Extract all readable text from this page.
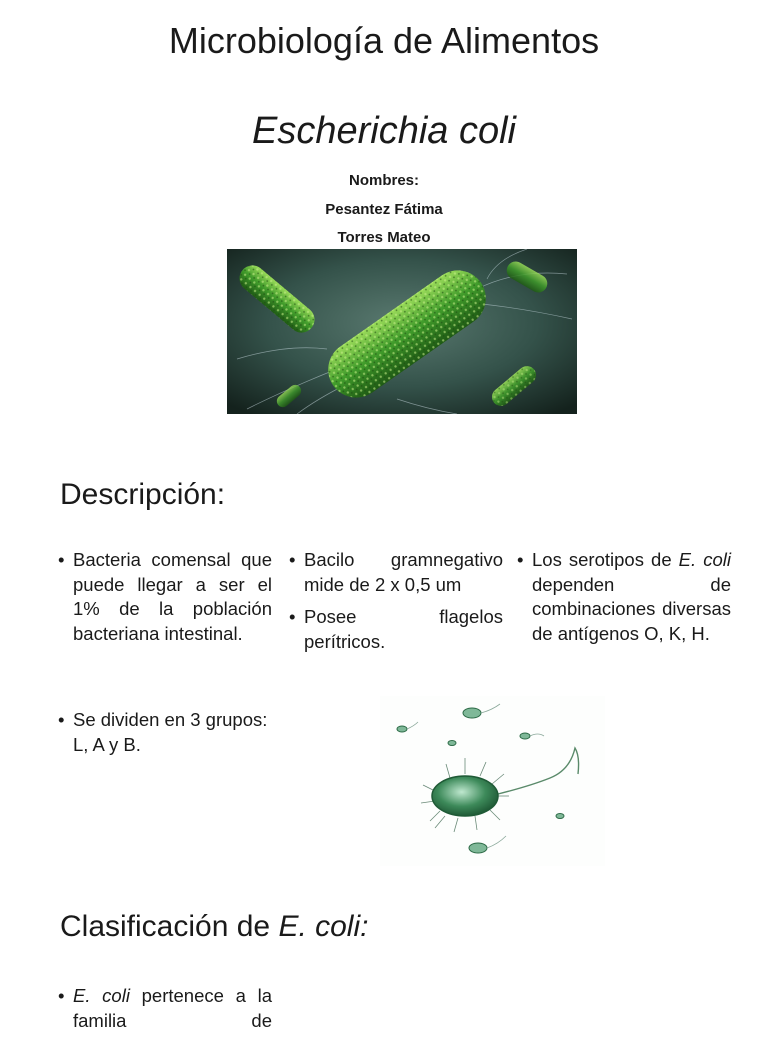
Microbiología de Alimentos
Escherichia coli
Nombres:
Pesantez Fátima
Torres Mateo
Descripción:

• Bacteria comensal que puede llegar a ser el 1% de la población bacteriana intestinal.

• Bacilo gramnegativo mide de 2 x 0,5 um

• Posee flagelos perítricos.

• Los serotipos de E. coli dependen de combinaciones diversas de antígenos O, K, H.

• Se dividen en 3 grupos: L, A y B.

Clasificación de E. coli:

• E. coli pertenece a la familia de
